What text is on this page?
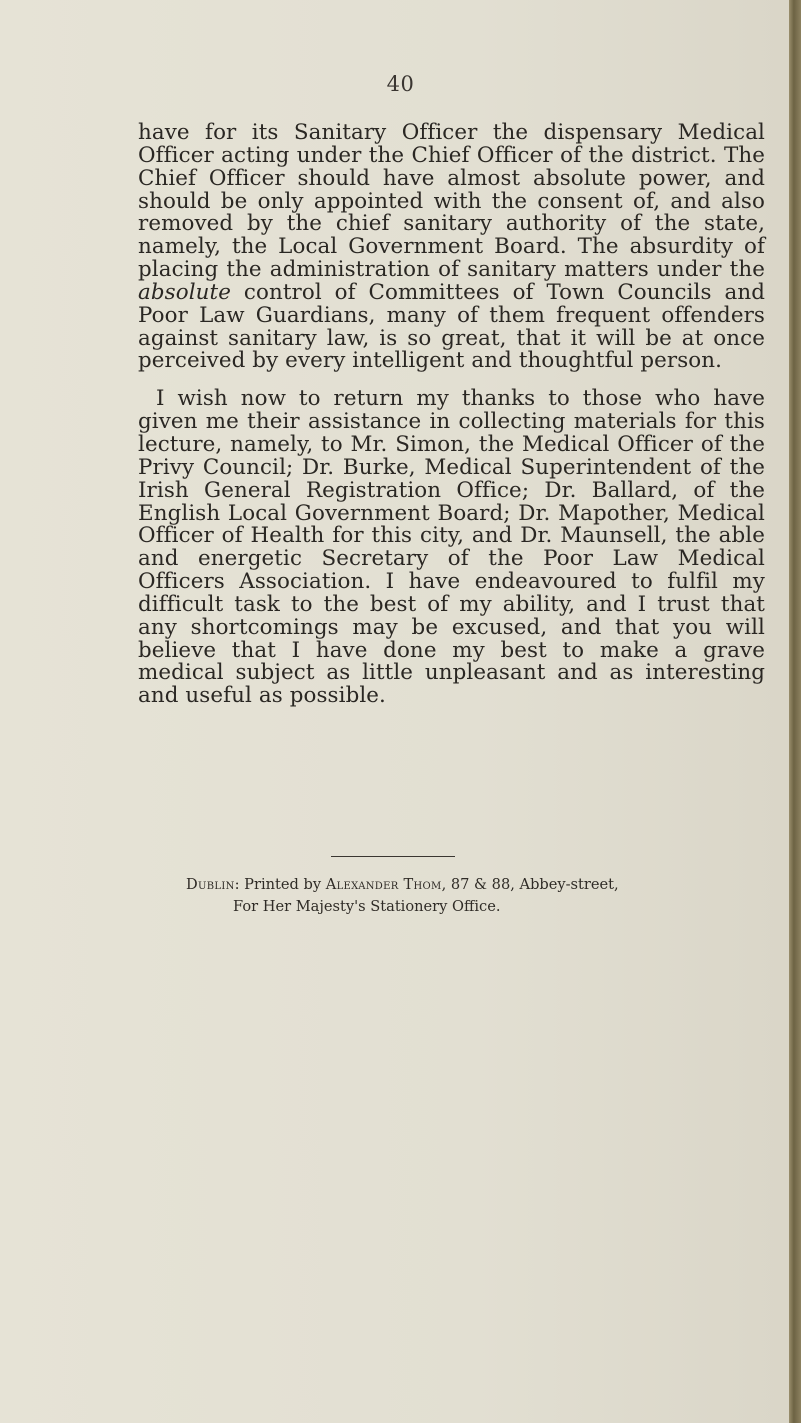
40

have for its Sanitary Officer the dispensary Medical Officer acting under the Chief Officer of the district. The Chief Officer should have almost absolute power, and should be only appointed with the consent of, and also removed by the chief sanitary authority of the state, namely, the Local Government Board. The absurdity of placing the administration of sanitary matters under the absolute control of Committees of Town Councils and Poor Law Guardians, many of them frequent offenders against sanitary law, is so great, that it will be at once perceived by every intelligent and thoughtful person.

I wish now to return my thanks to those who have given me their assistance in collecting materials for this lecture, namely, to Mr. Simon, the Medical Officer of the Privy Council; Dr. Burke, Medical Superintendent of the Irish General Registration Office; Dr. Ballard, of the English Local Government Board; Dr. Mapother, Medical Officer of Health for this city, and Dr. Maunsell, the able and energetic Secretary of the Poor Law Medical Officers Association. I have endeavoured to fulfil my difficult task to the best of my ability, and I trust that any shortcomings may be excused, and that you will believe that I have done my best to make a grave medical subject as little unpleasant and as interesting and useful as possible.

Dublin: Printed by Alexander Thom, 87 & 88, Abbey-street,
For Her Majesty's Stationery Office.
